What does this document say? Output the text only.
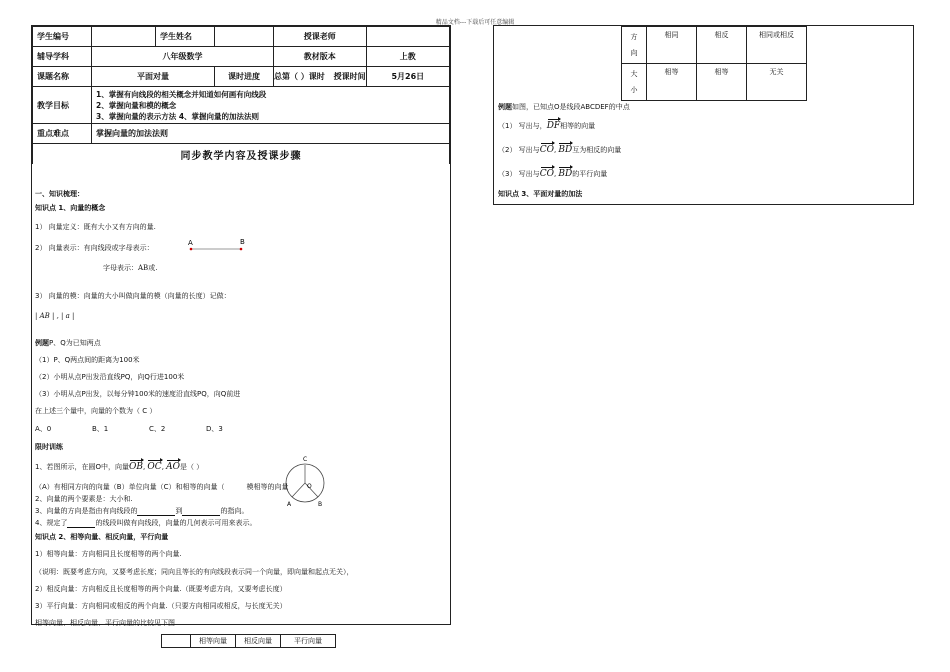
精品文档---下载后可任意编辑
学生编号		学生姓名		授课老师	
辅导学科	八年级数学			教材版本	上教
课题名称	平面对量		课时进度	总第（ ）课时 授课时间	5月26日
教学目标	1、掌握有向线段的相关概念并知道如何画有向线段
2、掌握向量和模的概念
3、掌握向量的表示方法 4、掌握向量的加法法则				

重点难点	掌握向量的加法法则				
同步教学内容及授课步骤					
一、知识梳理：
知识点 1、向量的概念
1） 向量定义：既有大小又有方向的量.
2） 向量表示：有向线段或字母表示：
A	B
字母表示：AB或.
3） 向量的模：向量的大小叫做向量的模（向量的长度）记做：
| AB | , | a |
例题P、Q为已知两点
（1）P、Q两点间的距离为100米
（2）小明从点P出发沿直线PQ，向Q行进100米
（3）小明从点P出发，以每分钟100米的速度沿直线PQ，向Q前进
在上述三个量中，向量的个数为（ C ）
A、0	B、1	C、2	D、3
限时训练
1、若图所示，在圆O中，向量OB, OC, AO是（ ）
C
O
A	B
（A）有相同方向的向量（B）单位向量（C）和相等的向量（	模相等的向量
2、向量的两个要素是：大小和.
3、向量的方向是指由有向线段的	到	的指向。
4、规定了	的线段叫做有向线段，向量的几何表示可用来表示。
知识点 2、相等向量、相反向量，平行向量
1）相等向量：方向相同且长度相等的两个向量.
（说明：既要考虑方向，又要考虑长度；同向且等长的有向线段表示同一个向量，即向量和起点无关），
2）相反向量：方向相反且长度相等的两个向量.（既要考虑方向，又要考虑长度）
3）平行向量：方向相同或相反的两个向量.（只要方向相同或相反，与长度无关）
相等向量、相反向量、平行向量的比较见下图
	相等向量	相反向量	平行向量
方
向	相同	相反	相同或相反
大
小	相等	相等	无关
例题如图，已知点O是线段ABCDEF的中点
（1） 写出与，DF相等的向量
（2） 写出与CO, BD互为相反的向量
（3） 写出与CO, BD的平行向量
知识点 3、平面对量的加法
